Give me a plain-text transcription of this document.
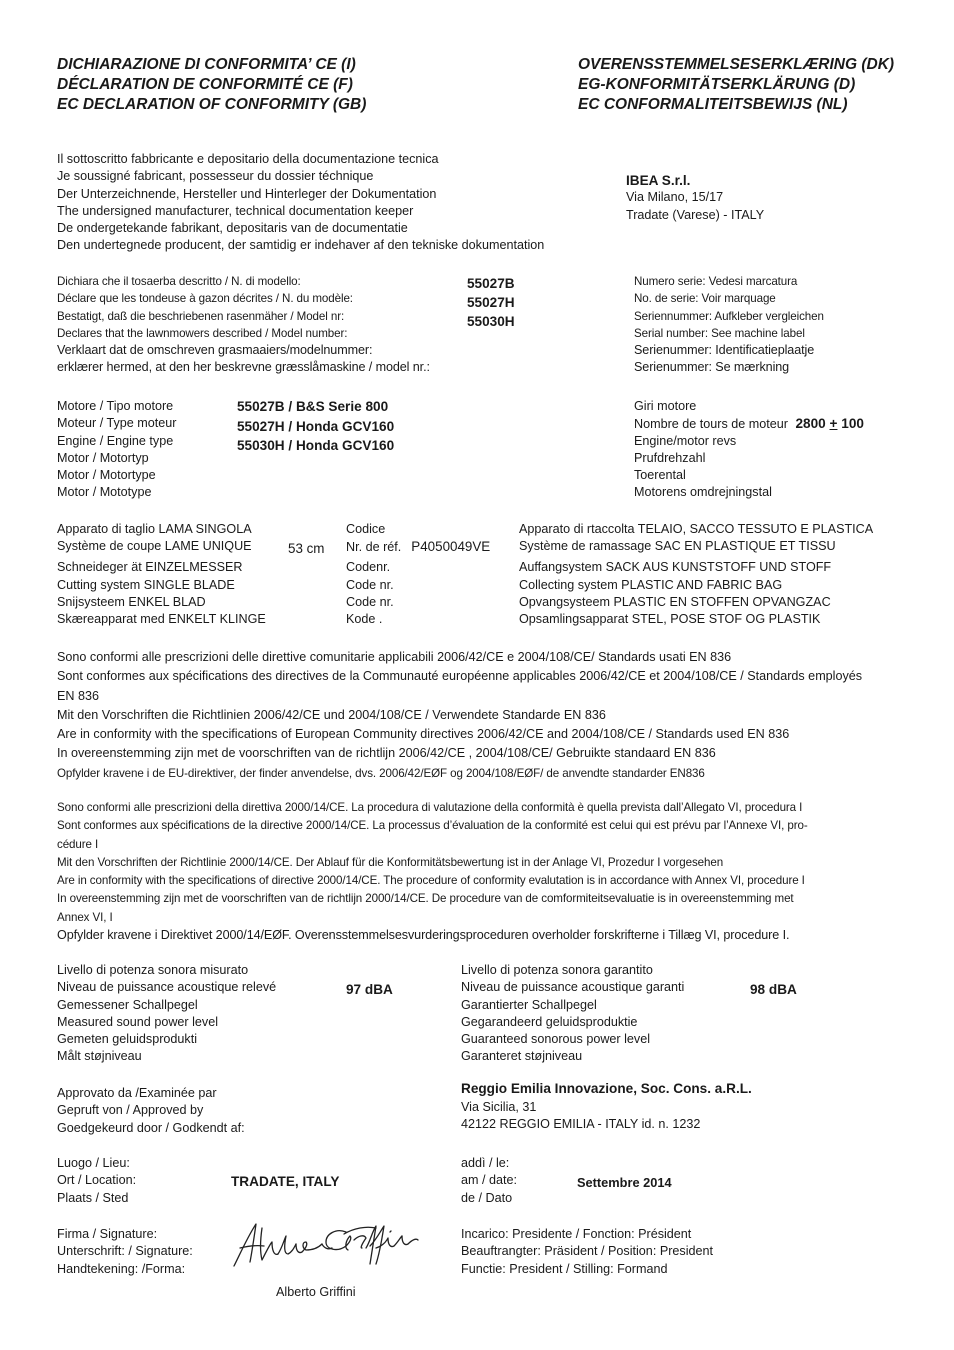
DICHIARAZIONE DI CONFORMITA’ CE (I)
DÉCLARATION DE CONFORMITÉ CE (F)
EC DECLARATION OF CONFORMITY (GB)
OVERENSSTEMMELSESERKLÆRING (DK)
EG-KONFORMITÄTSERKLÄRUNG (D)
EC CONFORMALITEITSBEWIJS (NL)
Il sottoscritto fabbricante e depositario della documentazione tecnica
Je soussigné fabricant, possesseur du dossier téchnique
Der Unterzeichnende, Hersteller und Hinterleger der Dokumentation
The undersigned manufacturer, technical documentation keeper
De ondergetekande fabrikant, depositaris van de documentatie
Den undertegnede producent, der samtidig er indehaver af den tekniske dokumentation
IBEA S.r.l.
Via Milano, 15/17
Tradate (Varese) - ITALY
Dichiara che il tosaerba descritto / N. di modello:
Déclare que les tondeuse à gazon décrites / N. du modèle:
Bestatigt, daß die beschriebenen rasenmäher / Model nr:
Declares that the lawnmowers described / Model number:
Verklaart dat de omschreven grasmaaiers/modelnummer:
erklærer hermed, at den her beskrevne græsslåmaskine / model nr.:
55027B
55027H
55030H
Numero serie: Vedesi marcatura
No. de serie: Voir marquage
Seriennummer: Aufkleber vergleichen
Serial number: See machine label
Serienummer: Identificatieplaatje
Serienummer: Se mærkning
Motore / Tipo motore
Moteur / Type moteur
Engine / Engine type
Motor / Motortyp
Motor / Motortype
Motor / Mototype
55027B / B&S Serie 800
55027H / Honda GCV160
55030H / Honda GCV160
Giri motore
Nombre de tours de moteur 2800 + 100
Engine/motor revs
Prufdrehzahl
Toerental
Motorens omdrejningstal
Apparato di taglio LAMA SINGOLA
Système de coupe LAME UNIQUE
Schneideger ät EINZELMESSER
Cutting system SINGLE BLADE
Snijsysteem ENKEL BLAD
Skæreapparat med ENKELT KLINGE
53 cm
Codice
Nr. de réf. P4050049VE
Codenr.
Code nr.
Code nr.
Kode .
Apparato di rtaccolta TELAIO, SACCO TESSUTO E PLASTICA
Système de ramassage SAC EN PLASTIQUE ET TISSU
Auffangsystem SACK AUS KUNSTSTOFF UND STOFF
Collecting system PLASTIC AND FABRIC BAG
Opvangsysteem PLASTIC EN STOFFEN OPVANGZAC
Opsamlingsapparat STEL, POSE STOF OG PLASTIK
Sono conformi alle prescrizioni delle direttive comunitarie applicabili 2006/42/CE e 2004/108/CE/ Standards usati EN 836
Sont conformes aux spécifications des directives de la Communauté européenne applicables 2006/42/CE et 2004/108/CE / Standards employés
EN 836
Mit den Vorschriften die Richtlinien 2006/42/CE und 2004/108/CE / Verwendete Standarde EN 836
Are in conformity with the specifications of European Community directives 2006/42/CE and 2004/108/CE / Standards used EN 836
In overeenstemming zijn met de voorschriften van de richtlijn 2006/42/CE , 2004/108/CE/ Gebruikte standaard EN 836
Opfylder kravene i de EU-direktiver, der finder anvendelse, dvs. 2006/42/EØF og 2004/108/EØF/ de anvendte standarder EN836
Sono conformi alle prescrizioni della direttiva 2000/14/CE. La procedura di valutazione della conformità è quella prevista dall’Allegato VI, procedura I
Sont conformes aux spécifications de la directive 2000/14/CE. La processus d’évaluation de la conformité est celui qui est prévu par l’Annexe VI, pro-
cédure I
Mit den Vorschriften der Richtlinie 2000/14/CE. Der Ablauf für die Konformitätsbewertung ist in der Anlage VI, Prozedur I vorgesehen
Are in conformity with the specifications of directive 2000/14/CE. The procedure of conformity evalutation is in accordance with Annex VI, procedure I
In overeenstemming zijn met de voorschriften van de richtlijn 2000/14/CE. De procedure van de comformiteitsevaluatie is in overeenstemming met
Annex VI, I
Opfylder kravene i Direktivet 2000/14/EØF. Overensstemmelsesvurderingsproceduren overholder forskrifterne i Tillæg VI, procedure I.
Livello di potenza sonora misurato
Niveau de puissance acoustique relevé
Gemessener Schallpegel
Measured sound power level
Gemeten geluidsprodukti
Målt støjniveau
97 dBA
Livello di potenza sonora garantito
Niveau de puissance acoustique garanti
Garantierter Schallpegel
Gegarandeerd geluidsproduktie
Guaranteed sonorous power level
Garanteret støjniveau
98 dBA
Approvato da /Examinée par
Gepruft von / Approved by
Goedgekeurd door / Godkendt af:
Reggio Emilia Innovazione, Soc. Cons. a.R.L.
Via Sicilia, 31
42122 REGGIO EMILIA - ITALY id. n. 1232
Luogo / Lieu:
Ort / Location:
Plaats / Sted
TRADATE, ITALY
addì / le:
am / date:
de / Dato
Settembre 2014
Firma / Signature:
Unterschrift: / Signature:
Handtekening: /Forma:
Alberto Griffini
Incarico: Presidente / Fonction: Président
Beauftrangter: Präsident / Position: President
Functie: President / Stilling: Formand
